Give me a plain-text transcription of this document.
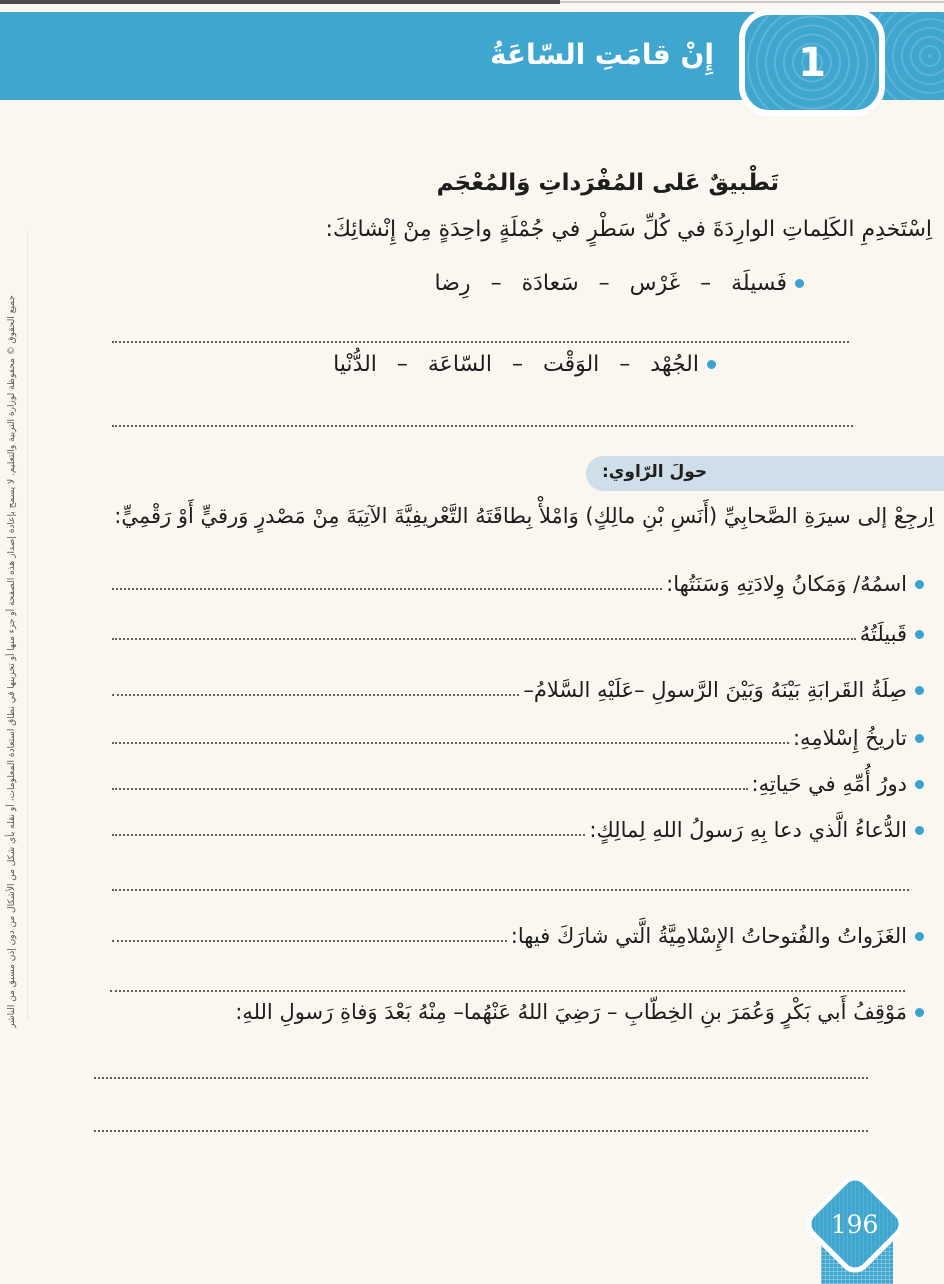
إِنْ قامَتِ السّاعَةُ 1
تَطْبيقٌ عَلى المُفْرَداتِ وَالمُعْجَم
اِسْتَخدِمِ الكَلِماتِ الوارِدَةَ في كُلِّ سَطْرٍ في جُمْلَةٍ واحِدَةٍ مِنْ إِنْشائِكَ:
فَسيلَة
–
غَرْس
–
سَعادَة
–
رِضا
الجُهْد
–
الوَقْت
–
السّاعَة
–
الدُّنْيا
حولَ الرّاوي:
اِرجِعْ إلى سيرَةِ الصَّحابِيِّ (أَنَسِ بْنِ مالِكٍ) وَامْلأْ بِطاقَتَهُ التَّعْريفِيَّةَ الآتِيَةَ مِنْ مَصْدرٍ وَرقيٍّ أَوْ رَقْمِيٍّ:
اسمُهُ/ وَمَكانُ وِلادَتِهِ وَسَنَتُها:
قَبيلَتُهُ
صِلَةُ القَرابَةِ بَيْنَهُ وَبَيْنَ الرَّسولِ –عَلَيْهِ السَّلامُ–
تاريخُ إِسْلامِهِ:
دورُ أُمِّهِ في حَياتِهِ:
الدُّعاءُ الَّذي دعا بِهِ رَسولُ اللهِ لِمالِكٍ:
الغَزَواتُ والفُتوحاتُ الإِسْلامِيَّةُ الَّتي شارَكَ فيها:
مَوْقِفُ أَبي بَكْرٍ وَعُمَرَ بنِ الخِطّابِ – رَضِيَ اللهُ عَنْهُما– مِنْهُ بَعْدَ وَفاةِ رَسولِ اللهِ:
196
جميع الحقوق © محفوظة لوزارة التربية والتعليم. لا يسمح بإعادة إصدار هذه الصفحة أو جزء منها أو تخزينها في نطاق استعادة المعلومات، أو نقله بأي شكل من الأشكال من دون إذن مسبق من الناشر
